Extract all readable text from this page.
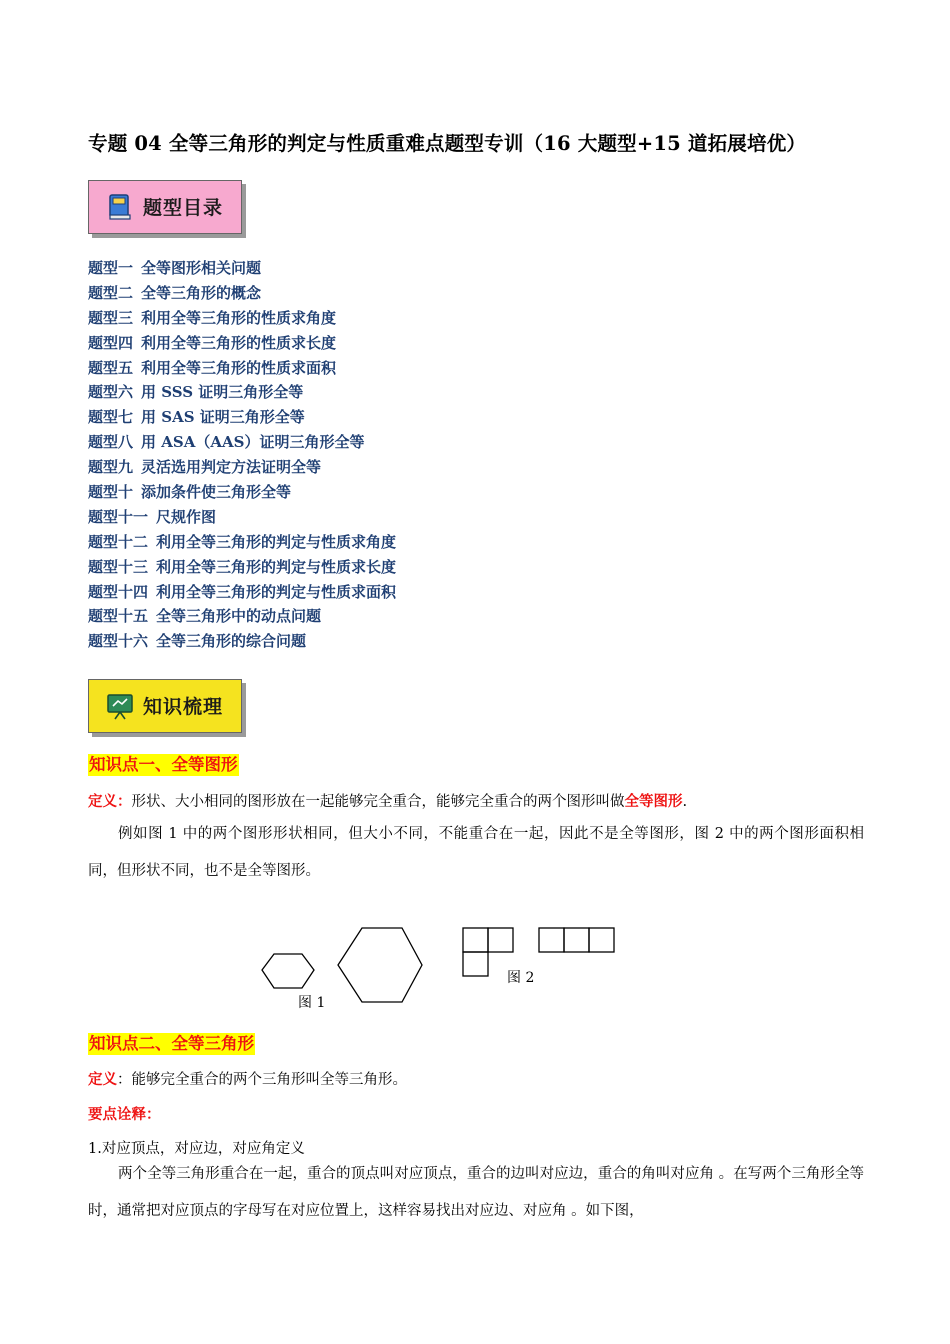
专题 04 全等三角形的判定与性质重难点题型专训（16 大题型+15 道拓展培优）
题型目录
题型一 全等图形相关问题
题型二 全等三角形的概念
题型三 利用全等三角形的性质求角度
题型四 利用全等三角形的性质求长度
题型五 利用全等三角形的性质求面积
题型六 用 SSS 证明三角形全等
题型七 用 SAS 证明三角形全等
题型八 用 ASA（AAS）证明三角形全等
题型九 灵活选用判定方法证明全等
题型十 添加条件使三角形全等
题型十一 尺规作图
题型十二 利用全等三角形的判定与性质求角度
题型十三 利用全等三角形的判定与性质求长度
题型十四 利用全等三角形的判定与性质求面积
题型十五 全等三角形中的动点问题
题型十六 全等三角形的综合问题
知识梳理
知识点一、全等图形
定义：形状、大小相同的图形放在一起能够完全重合，能够完全重合的两个图形叫做全等图形.
例如图 1 中的两个图形形状相同，但大小不同，不能重合在一起，因此不是全等图形，图 2 中的两个图形面积相同，但形状不同，也不是全等图形。
图 1
图 2
知识点二、全等三角形
定义：能够完全重合的两个三角形叫全等三角形。
要点诠释：
1.对应顶点，对应边，对应角定义
两个全等三角形重合在一起，重合的顶点叫对应顶点，重合的边叫对应边，重合的角叫对应角 。在写两个三角形全等时，通常把对应顶点的字母写在对应位置上，这样容易找出对应边、对应角 。如下图，
